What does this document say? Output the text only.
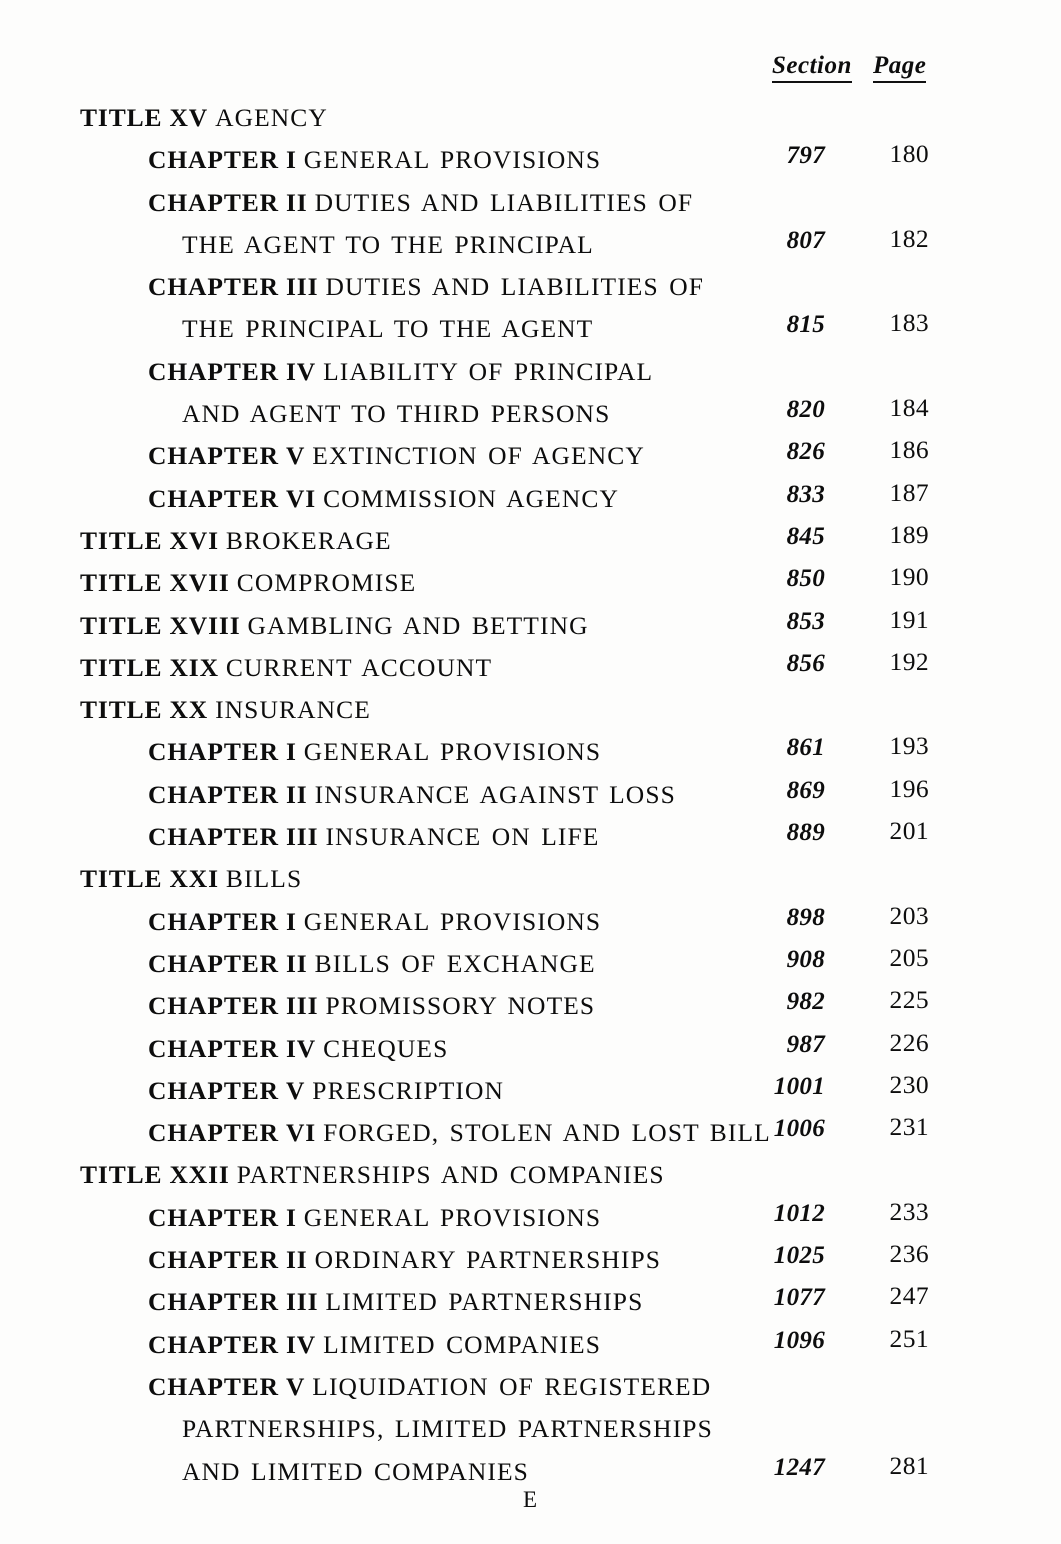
Section Page
TITLE XV AGENCY
CHAPTER I GENERAL PROVISIONS	797	180
CHAPTER II DUTIES AND LIABILITIES OF
THE AGENT TO THE PRINCIPAL	807	182
CHAPTER III DUTIES AND LIABILITIES OF
THE PRINCIPAL TO THE AGENT	815	183
CHAPTER IV LIABILITY OF PRINCIPAL
AND AGENT TO THIRD PERSONS	820	184
CHAPTER V EXTINCTION OF AGENCY	826	186
CHAPTER VI COMMISSION AGENCY	833	187
TITLE XVI BROKERAGE	845	189
TITLE XVII COMPROMISE	850	190
TITLE XVIII GAMBLING AND BETTING	853	191
TITLE XIX CURRENT ACCOUNT	856	192
TITLE XX INSURANCE
CHAPTER I GENERAL PROVISIONS	861	193
CHAPTER II INSURANCE AGAINST LOSS	869	196
CHAPTER III INSURANCE ON LIFE	889	201
TITLE XXI BILLS
CHAPTER I GENERAL PROVISIONS	898	203
CHAPTER II BILLS OF EXCHANGE	908	205
CHAPTER III PROMISSORY NOTES	982	225
CHAPTER IV CHEQUES	987	226
CHAPTER V PRESCRIPTION	1001	230
CHAPTER VI FORGED, STOLEN AND LOST BILL 1006	231
TITLE XXII PARTNERSHIPS AND COMPANIES
CHAPTER I GENERAL PROVISIONS	1012	233
CHAPTER II ORDINARY PARTNERSHIPS	1025	236
CHAPTER III LIMITED PARTNERSHIPS	1077	247
CHAPTER IV LIMITED COMPANIES	1096	251
CHAPTER V LIQUIDATION OF REGISTERED
PARTNERSHIPS, LIMITED PARTNERSHIPS
AND LIMITED COMPANIES	1247	281
E
